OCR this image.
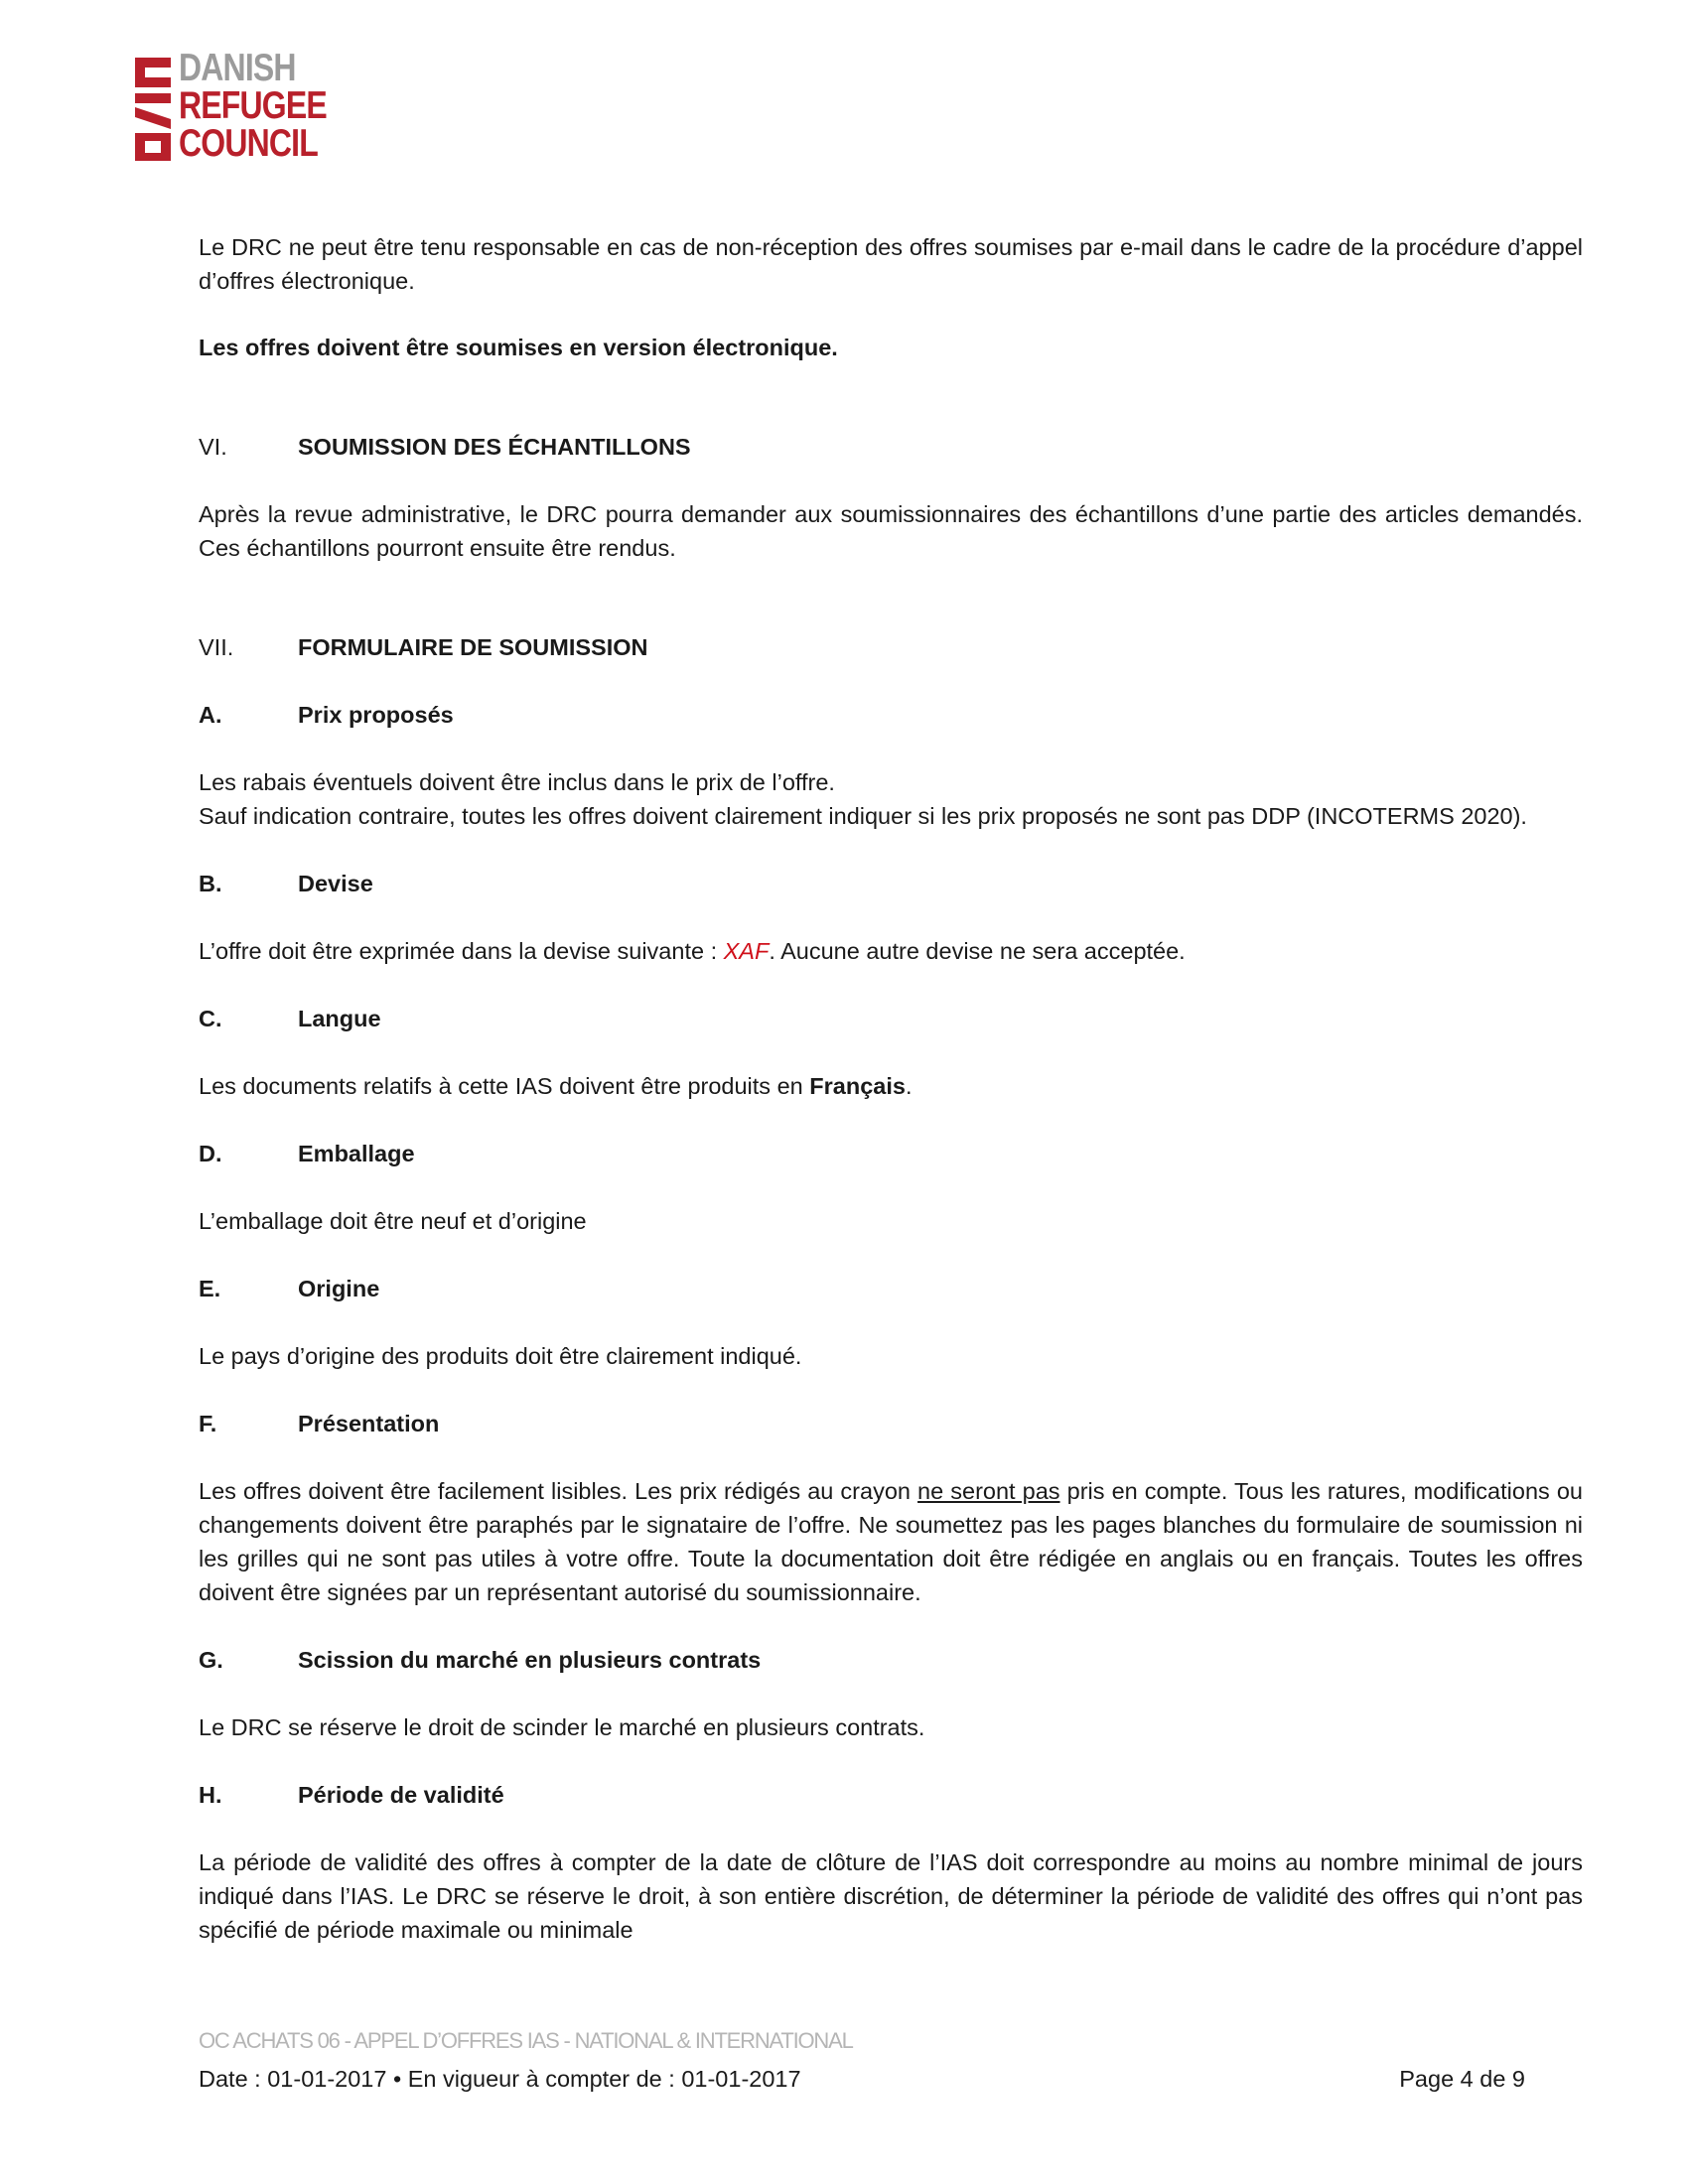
DANISH
REFUGEE
COUNCIL

Le DRC ne peut être tenu responsable en cas de non-réception des offres soumises par e-mail dans le cadre de la procédure d’appel d’offres électronique.

Les offres doivent être soumises en version électronique.

VI.	SOUMISSION DES ÉCHANTILLONS

Après la revue administrative, le DRC pourra demander aux soumissionnaires des échantillons d’une partie des articles demandés. Ces échantillons pourront ensuite être rendus.

VII.	FORMULAIRE DE SOUMISSION
A.	Prix proposés

Les rabais éventuels doivent être inclus dans le prix de l’offre.

Sauf indication contraire, toutes les offres doivent clairement indiquer si les prix proposés ne sont pas DDP (INCOTERMS 2020).

B.	Devise

L’offre doit être exprimée dans la devise suivante : XAF. Aucune autre devise ne sera acceptée.

C.	Langue

Les documents relatifs à cette IAS doivent être produits en Français.

D.	Emballage

L’emballage doit être neuf et d’origine

E.	Origine

Le pays d’origine des produits doit être clairement indiqué.

F.	Présentation

Les offres doivent être facilement lisibles. Les prix rédigés au crayon ne seront pas pris en compte. Tous les ratures, modifications ou changements doivent être paraphés par le signataire de l’offre. Ne soumettez pas les pages blanches du formulaire de soumission ni les grilles qui ne sont pas utiles à votre offre. Toute la documentation doit être rédigée en anglais ou en français. Toutes les offres doivent être signées par un représentant autorisé du soumissionnaire.

G.	Scission du marché en plusieurs contrats

Le DRC se réserve le droit de scinder le marché en plusieurs contrats.

H.	Période de validité

La période de validité des offres à compter de la date de clôture de l’IAS doit correspondre au moins au nombre minimal de jours indiqué dans l’IAS. Le DRC se réserve le droit, à son entière discrétion, de déterminer la période de validité des offres qui n’ont pas spécifié de période maximale ou minimale

OC ACHATS 06 - APPEL D’OFFRES IAS - NATIONAL & INTERNATIONAL
Date : 01-01-2017 • En vigueur à compter de : 01-01-2017	Page 4 de 9
